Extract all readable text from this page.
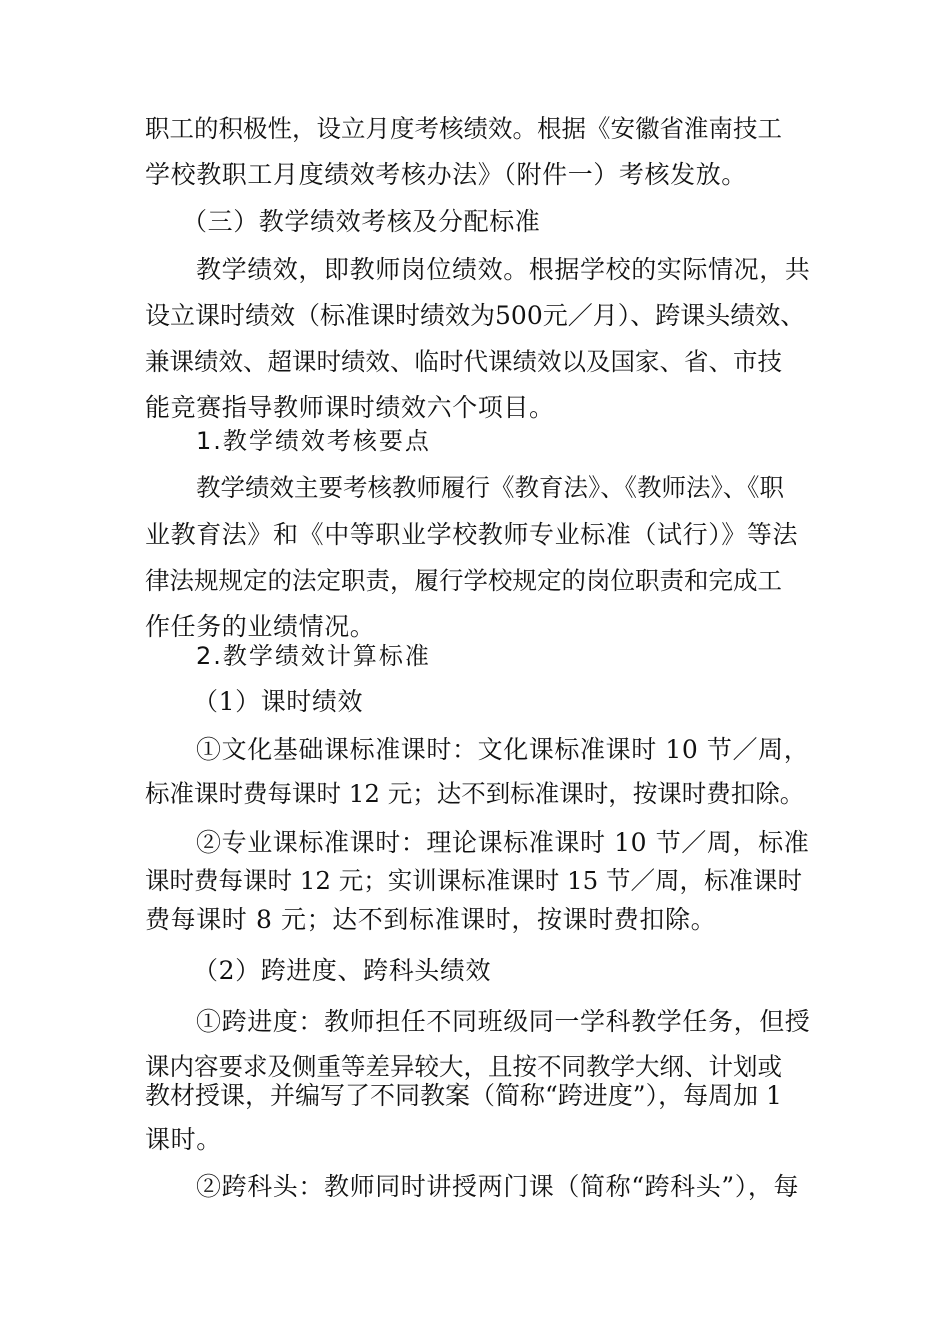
职工的积极性，设立月度考核绩效。根据《安徽省淮南技工
学校教职工月度绩效考核办法》（附件一）考核发放。
（三）教学绩效考核及分配标准
教学绩效，即教师岗位绩效。根据学校的实际情况，共
设立课时绩效（标准课时绩效为500元／月）、跨课头绩效、
兼课绩效、超课时绩效、临时代课绩效以及国家、省、市技
能竞赛指导教师课时绩效六个项目。
1.教学绩效考核要点
教学绩效主要考核教师履行《教育法》、《教师法》、《职
业教育法》和《中等职业学校教师专业标准（试行）》等法
律法规规定的法定职责，履行学校规定的岗位职责和完成工
作任务的业绩情况。
2.教学绩效计算标准
（1）课时绩效
①文化基础课标准课时：文化课标准课时 10 节／周，
标准课时费每课时 12 元；达不到标准课时，按课时费扣除。
②专业课标准课时：理论课标准课时 10 节／周，标准
课时费每课时 12 元；实训课标准课时 15 节／周，标准课时
费每课时 8 元；达不到标准课时，按课时费扣除。
（2）跨进度、跨科头绩效
①跨进度：教师担任不同班级同一学科教学任务，但授
课内容要求及侧重等差异较大，且按不同教学大纲、计划或
教材授课，并编写了不同教案（简称“跨进度”），每周加 1
课时。
②跨科头：教师同时讲授两门课（简称“跨科头”），每
